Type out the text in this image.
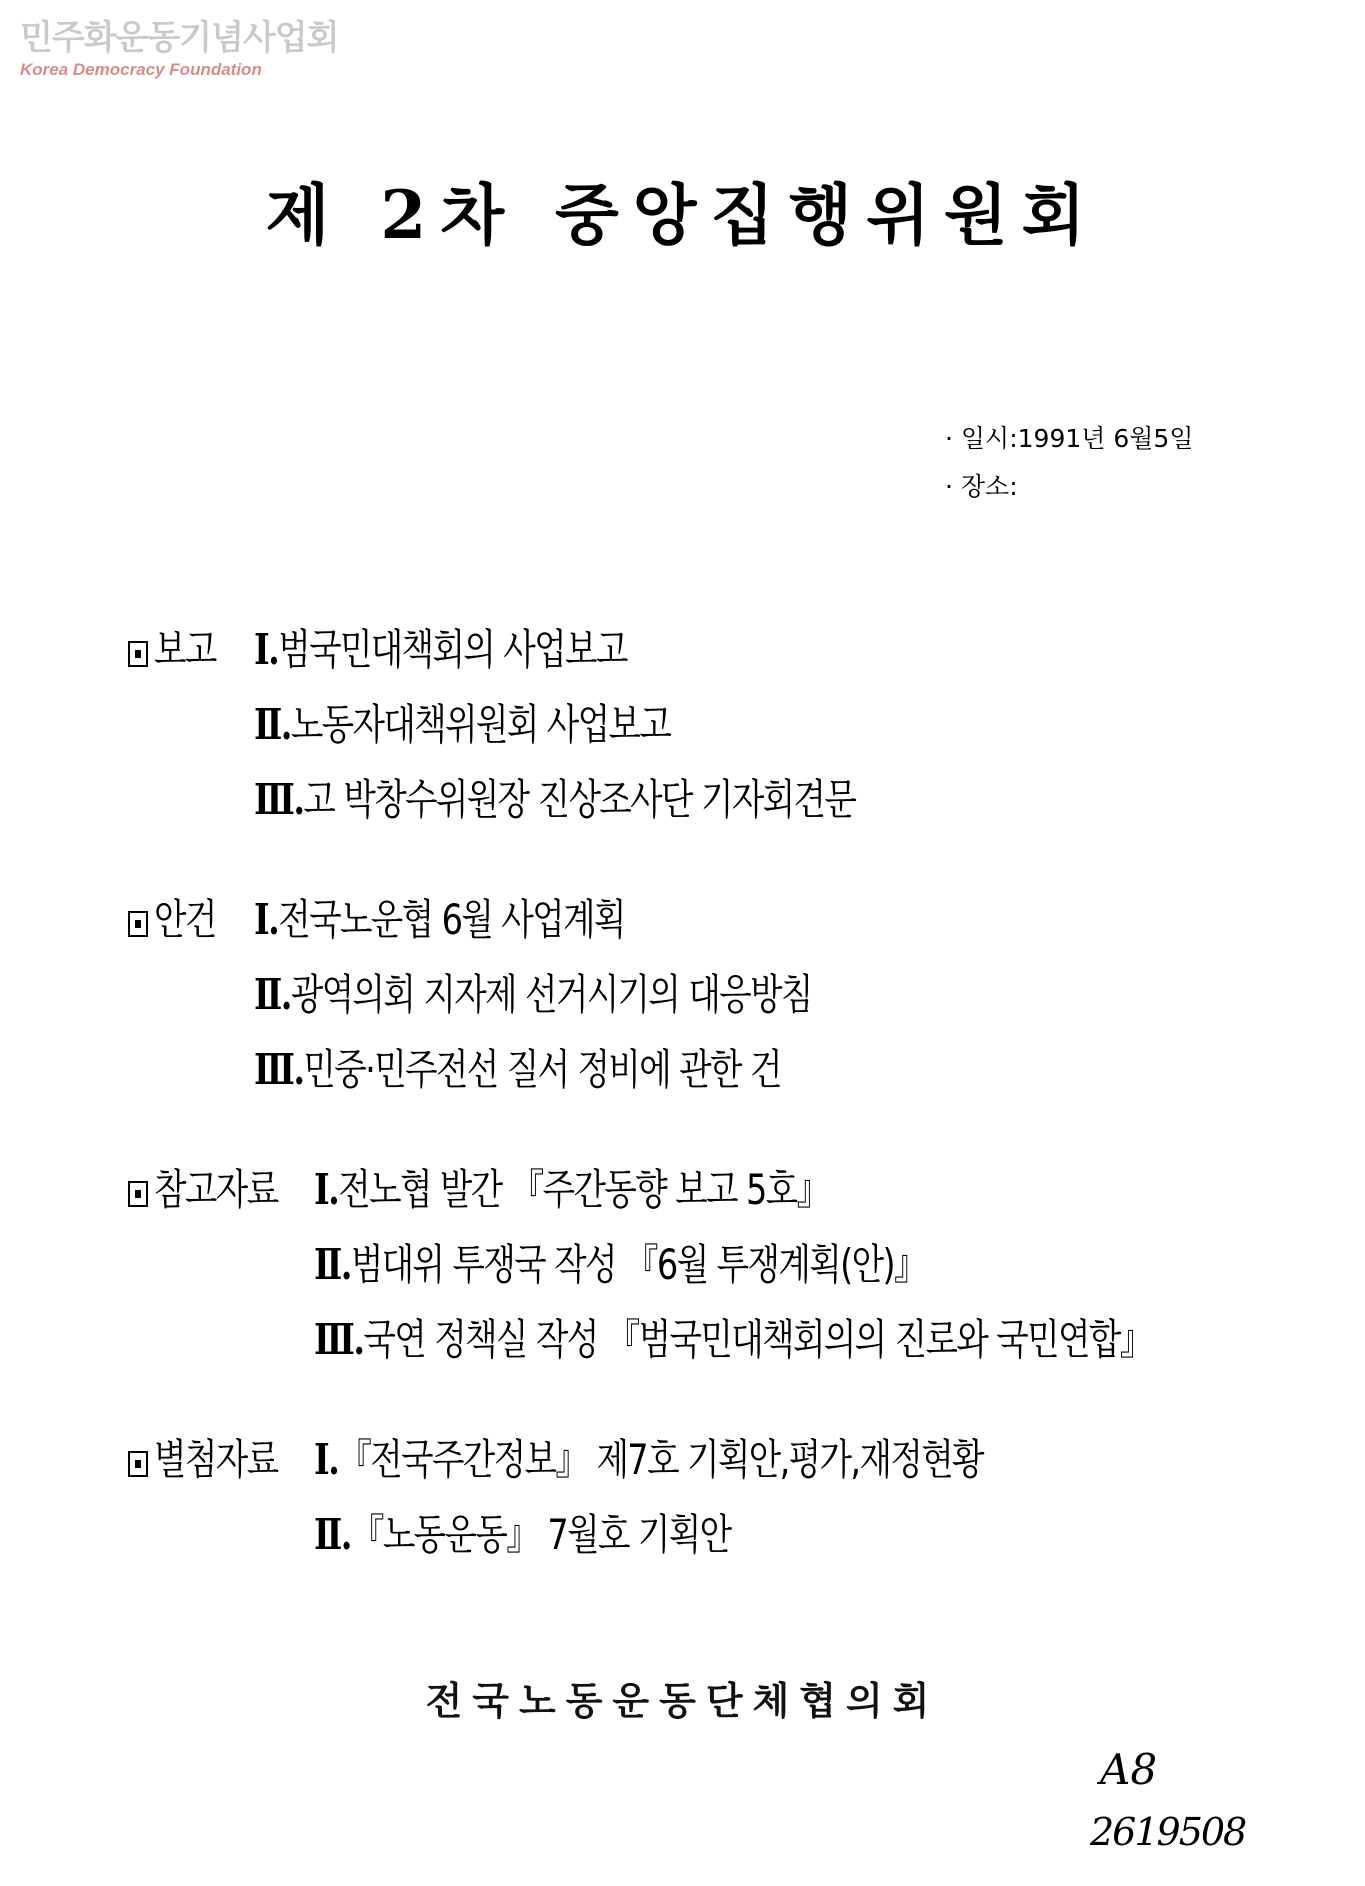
민주화운동기념사업회
Korea Democracy Foundation
제 2차 중앙집행위원회
· 일시:1991년 6월5일
· 장소:
보고 Ⅰ.범국민대책회의 사업보고
Ⅱ.노동자대책위원회 사업보고
Ⅲ.고 박창수위원장 진상조사단 기자회견문
안건 Ⅰ.전국노운협 6월 사업계획
Ⅱ.광역의회 지자제 선거시기의 대응방침
Ⅲ.민중·민주전선 질서 정비에 관한 건
참고자료 Ⅰ.전노협 발간 『주간동향 보고 5호』
Ⅱ.범대위 투쟁국 작성 『6월 투쟁계획(안)』
Ⅲ.국연 정책실 작성 『범국민대책회의의 진로와 국민연합』
별첨자료 Ⅰ.『전국주간정보』 제7호 기획안,평가,재정현황
Ⅱ.『노동운동』 7월호 기획안
전국노동운동단체협의회
A8
2619508
